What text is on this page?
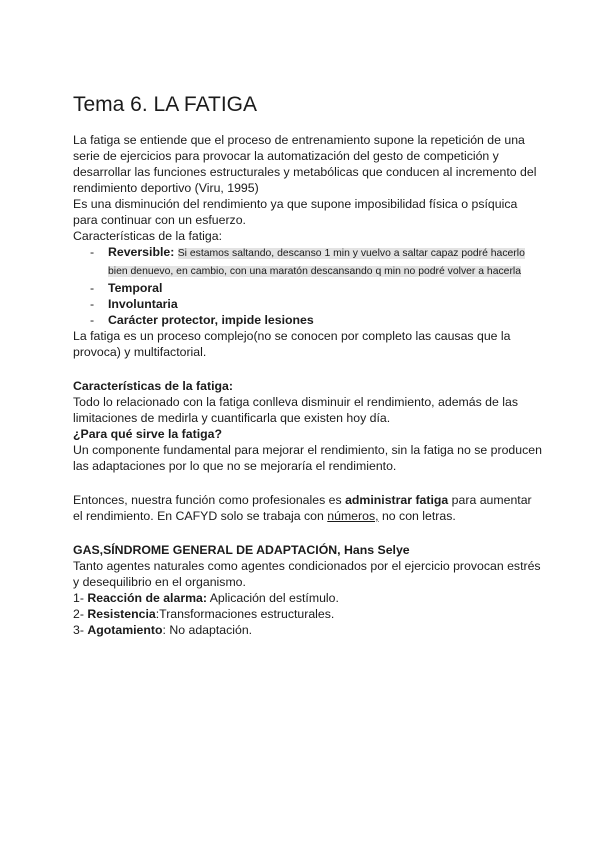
Tema 6. LA FATIGA

La fatiga se entiende que el proceso de entrenamiento supone la repetición de una serie de ejercicios para provocar la automatización del gesto de competición y desarrollar las funciones estructurales y metabólicas que conducen al incremento del rendimiento deportivo (Viru, 1995)

Es una disminución del rendimiento ya que supone imposibilidad física o psíquica para continuar con un esfuerzo.

Características de la fatiga:

- Reversible: Si estamos saltando, descanso 1 min y vuelvo a saltar capaz podré hacerlo bien denuevo, en cambio, con una maratón descansando q min no podré volver a hacerla
- Temporal
- Involuntaria
- Carácter protector, impide lesiones

La fatiga es un proceso complejo(no se conocen por completo las causas que la provoca) y multifactorial.

Características de la fatiga:

Todo lo relacionado con la fatiga conlleva disminuir el rendimiento, además de las limitaciones de medirla y cuantificarla que existen hoy día.

¿Para qué sirve la fatiga?

Un componente fundamental para mejorar el rendimiento, sin la fatiga no se producen las adaptaciones por lo que no se mejoraría el rendimiento.

Entonces, nuestra función como profesionales es administrar fatiga para aumentar el rendimiento. En CAFYD solo se trabaja con números, no con letras.

GAS,SÍNDROME GENERAL DE ADAPTACIÓN, Hans Selye

Tanto agentes naturales como agentes condicionados por el ejercicio provocan estrés y desequilibrio en el organismo.

1- Reacción de alarma: Aplicación del estímulo.

2- Resistencia:Transformaciones estructurales.

3- Agotamiento: No adaptación.
